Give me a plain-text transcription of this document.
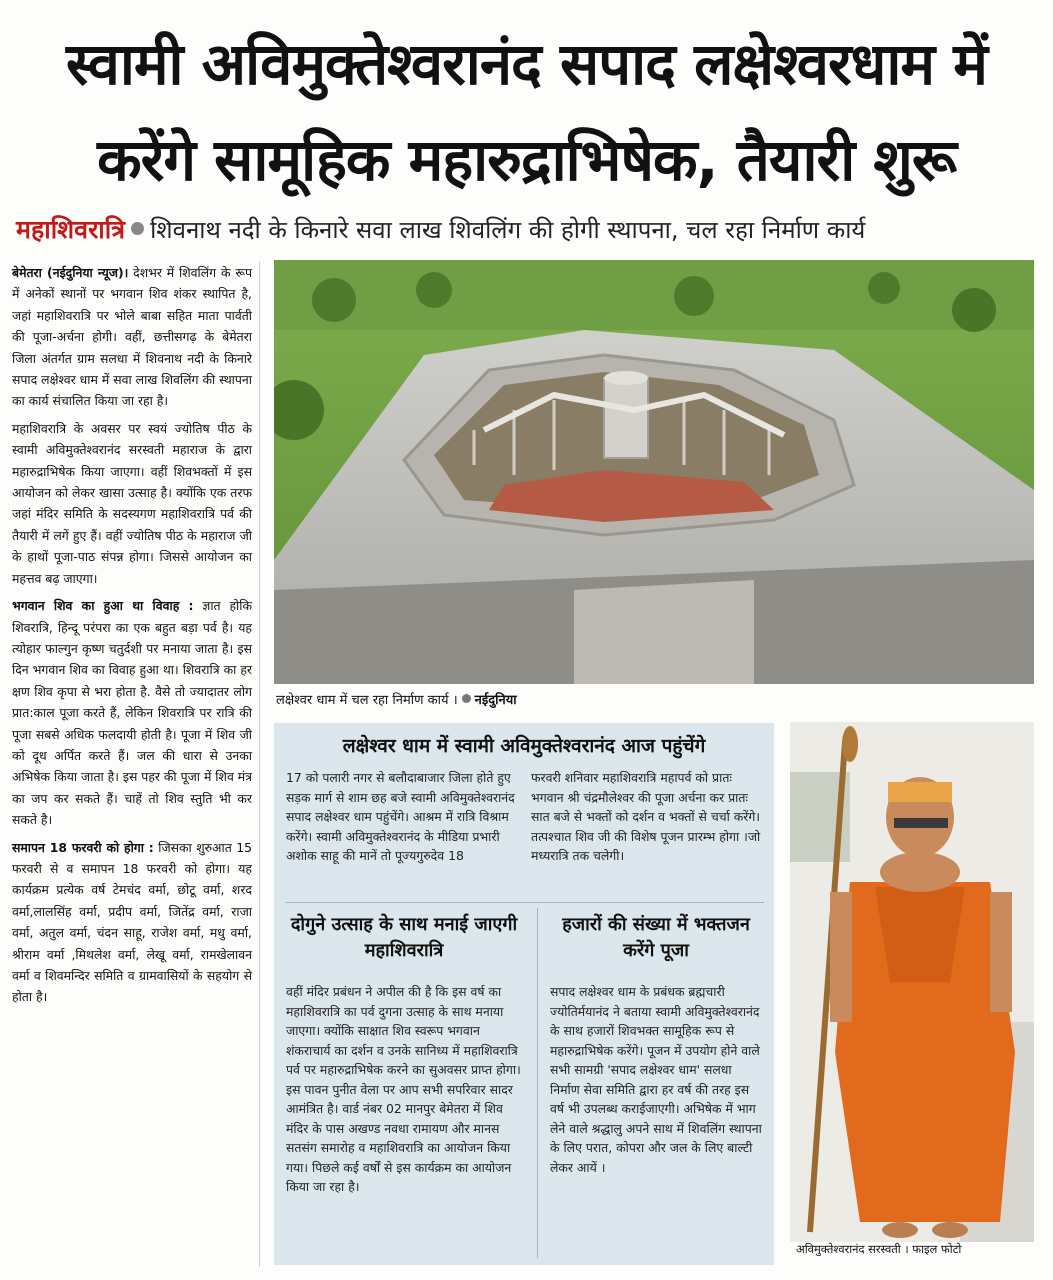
स्वामी अविमुक्तेश्वरानंद सपाद लक्षेश्वरधाम में
करेंगे सामूहिक महारुद्राभिषेक, तैयारी शुरू
महाशिवरात्रि शिवनाथ नदी के किनारे सवा लाख शिवलिंग की होगी स्थापना, चल रहा निर्माण कार्य

बेमेतरा (नईदुनिया न्यूज)। देशभर में शिवलिंग के रूप में अनेकों स्थानों पर भगवान शिव शंकर स्थापित है, जहां महाशिवरात्रि पर भोले बाबा सहित माता पार्वती की पूजा-अर्चना होगी। वहीं, छत्तीसगढ़ के बेमेतरा जिला अंतर्गत ग्राम सलधा में शिवनाथ नदी के किनारे सपाद लक्षेश्वर धाम में सवा लाख शिवलिंग की स्थापना का कार्य संचालित किया जा रहा है।

महाशिवरात्रि के अवसर पर स्वयं ज्योतिष पीठ के स्वामी अविमुक्तेश्वरानंद सरस्वती महाराज के द्वारा महारुद्राभिषेक किया जाएगा। वहीं शिवभक्तों में इस आयोजन को लेकर खासा उत्साह है। क्योंकि एक तरफ जहां मंदिर समिति के सदस्यगण महाशिवरात्रि पर्व की तैयारी में लगें हुए हैं। वहीं ज्योतिष पीठ के महाराज जी के हाथों पूजा-पाठ संपन्न होगा। जिससे आयोजन का महत्तव बढ़ जाएगा।

भगवान शिव का हुआ था विवाह : ज्ञात होकि शिवरात्रि, हिन्दू परंपरा का एक बहुत बड़ा पर्व है। यह त्योहार फाल्गुन कृष्ण चतुर्दशी पर मनाया जाता है। इस दिन भगवान शिव का विवाह हुआ था। शिवरात्रि का हर क्षण शिव कृपा से भरा होता है. वैसे तो ज्यादातर लोग प्रात:काल पूजा करते हैं, लेकिन शिवरात्रि पर रात्रि की पूजा सबसे अधिक फलदायी होती है। पूजा में शिव जी को दूध अर्पित करते हैं। जल की धारा से उनका अभिषेक किया जाता है। इस पहर की पूजा में शिव मंत्र का जप कर सकते हैं। चाहें तो शिव स्तुति भी कर सकते है।

समापन 18 फरवरी को होगा : जिसका शुरुआत 15 फरवरी से व समापन 18 फरवरी को होगा। यह कार्यक्रम प्रत्येक वर्ष टेमचंद वर्मा, छोटू वर्मा, शरद वर्मा,लालसिंह वर्मा, प्रदीप वर्मा, जितेंद्र वर्मा, राजा वर्मा, अतुल वर्मा, चंदन साहू, राजेश वर्मा, मधु वर्मा, श्रीराम वर्मा ,मिथलेश वर्मा, लेखू वर्मा, रामखेलावन वर्मा व शिवमन्दिर समिति व ग्रामवासियों के सहयोग से होता है।

लक्षेश्वर धाम में चल रहा निर्माण कार्य । नईदुनिया
लक्षेश्वर धाम में स्वामी अविमुक्तेश्वरानंद आज पहुंचेंगे
17 को पलारी नगर से बलौदाबाजार जिला होते हुए सड़क मार्ग से शाम छह बजे स्वामी अविमुक्तेश्वरानंद सपाद लक्षेश्वर धाम पहुंचेंगे। आश्रम में रात्रि विश्राम करेंगे। स्वामी अविमुक्तेश्वरानंद के मीडिया प्रभारी अशोक साहू की मानें तो पूज्यगुरुदेव 18
फरवरी शनिवार महाशिवरात्रि महापर्व को प्रातः भगवान श्री चंद्रमौलेश्वर की पूजा अर्चना कर प्रातः सात बजे से भक्तों को दर्शन व भक्तों से चर्चा करेंगे। तत्पश्चात शिव जी की विशेष पूजन प्रारम्भ होगा ।जो मध्यरात्रि तक चलेगी।
दोगुने उत्साह के साथ मनाई जाएगी महाशिवरात्रि
हजारों की संख्या में भक्तजन करेंगे पूजा
वहीं मंदिर प्रबंधन ने अपील की है कि इस वर्ष का महाशिवरात्रि का पर्व दुगना उत्साह के साथ मनाया जाएगा। क्योंकि साक्षात शिव स्वरूप भगवान शंकराचार्य का दर्शन व उनके सानिध्य में महाशिवरात्रि पर्व पर महारुद्राभिषेक करने का सुअवसर प्राप्त होगा। इस पावन पुनीत वेला पर आप सभी सपरिवार सादर आमंत्रित है। वार्ड नंबर 02 मानपुर बेमेतरा में शिव मंदिर के पास अखण्ड नवधा रामायण और मानस सतसंग समारोह व महाशिवरात्रि का आयोजन किया गया। पिछले कई वर्षों से इस कार्यक्रम का आयोजन किया जा रहा है।
सपाद लक्षेश्वर धाम के प्रबंधक ब्रह्मचारी ज्योतिर्मयानंद ने बताया स्वामी अविमुक्तेश्वरानंद के साथ हजारों शिवभक्त सामूहिक रूप से महारुद्राभिषेक करेंगे। पूजन में उपयोग होने वाले सभी सामग्री 'सपाद लक्षेश्वर धाम' सलधा निर्माण सेवा समिति द्वारा हर वर्ष की तरह इस वर्ष भी उपलब्ध कराईजाएगी। अभिषेक में भाग लेने वाले श्रद्धालु अपने साथ में शिवलिंग स्थापना के लिए परात, कोपरा और जल के लिए बाल्टी लेकर आयें ।
अविमुक्तेश्वरानंद सरस्वती । फाइल फोटो
